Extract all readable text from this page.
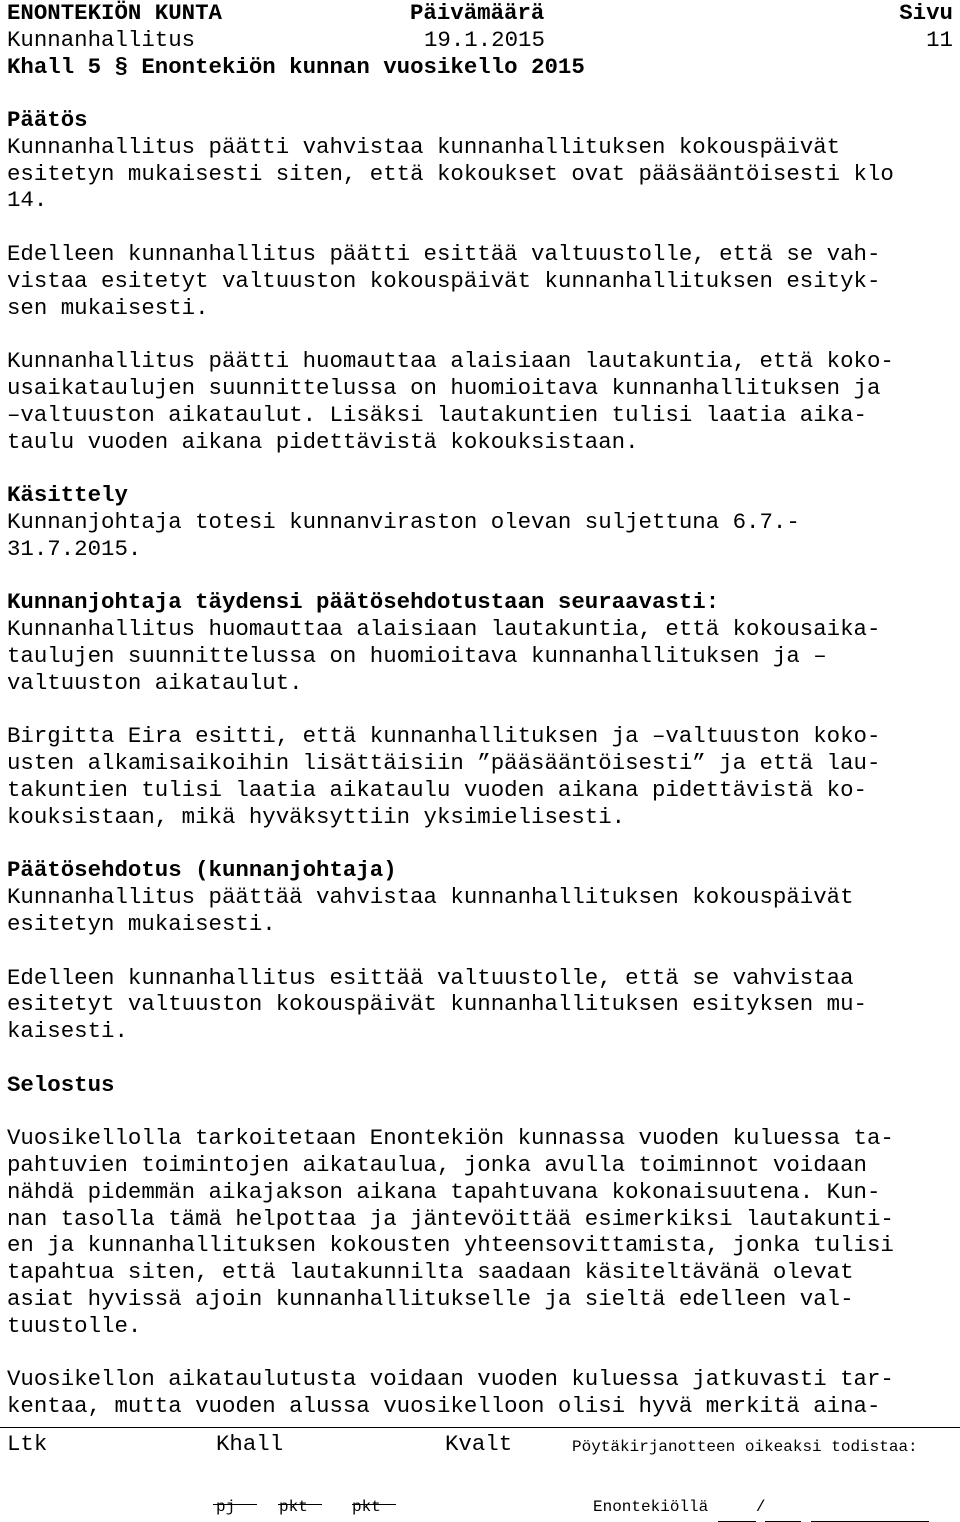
ENONTEKIÖN KUNTA

	Päivämäärä

	Sivu

Kunnanhallitus

	19.1.2015

	11

Khall 5 § Enontekiön kunnan vuosikello 2015

Päätös

Kunnanhallitus päätti vahvistaa kunnanhallituksen kokouspäivät
esitetyn mukaisesti siten, että kokoukset ovat pääsääntöisesti klo
14.

Edelleen kunnanhallitus päätti esittää valtuustolle, että se vah-
vistaa esitetyt valtuuston kokouspäivät kunnanhallituksen esityk-
sen mukaisesti.

Kunnanhallitus päätti huomauttaa alaisiaan lautakuntia, että koko-
usaikataulujen suunnittelussa on huomioitava kunnanhallituksen ja
–valtuuston aikataulut. Lisäksi lautakuntien tulisi laatia aika-
taulu vuoden aikana pidettävistä kokouksistaan.

Käsittely

Kunnanjohtaja totesi kunnanviraston olevan suljettuna 6.7.-
31.7.2015.

Kunnanjohtaja täydensi päätösehdotustaan seuraavasti:

Kunnanhallitus huomauttaa alaisiaan lautakuntia, että kokousaika-
taulujen suunnittelussa on huomioitava kunnanhallituksen ja –
valtuuston aikataulut.

Birgitta Eira esitti, että kunnanhallituksen ja –valtuuston koko-
usten alkamisaikoihin lisättäisiin ”pääsääntöisesti” ja että lau-
takuntien tulisi laatia aikataulu vuoden aikana pidettävistä ko-
kouksistaan, mikä hyväksyttiin yksimielisesti.

Päätösehdotus (kunnanjohtaja)

Kunnanhallitus päättää vahvistaa kunnanhallituksen kokouspäivät
esitetyn mukaisesti.

Edelleen kunnanhallitus esittää valtuustolle, että se vahvistaa
esitetyt valtuuston kokouspäivät kunnanhallituksen esityksen mu-
kaisesti.

Selostus

Vuosikellolla tarkoitetaan Enontekiön kunnassa vuoden kuluessa ta-
pahtuvien toimintojen aikataulua, jonka avulla toiminnot voidaan
nähdä pidemmän aikajakson aikana tapahtuvana kokonaisuutena. Kun-
nan tasolla tämä helpottaa ja jäntevöittää esimerkiksi lautakunti-
en ja kunnanhallituksen kokousten yhteensovittamista, jonka tulisi
tapahtua siten, että lautakunnilta saadaan käsiteltävänä olevat
asiat hyvissä ajoin kunnanhallitukselle ja sieltä edelleen val-
tuustolle.

Vuosikellon aikataulutusta voidaan vuoden kuluessa jatkuvasti tar-
kentaa, mutta vuoden alussa vuosikelloon olisi hyvä merkitä aina-

Ltk	Khall	Kvalt	Pöytäkirjanotteen oikeaksi todistaa:
pj	pkt	pkt	Enontekiöllä	/
